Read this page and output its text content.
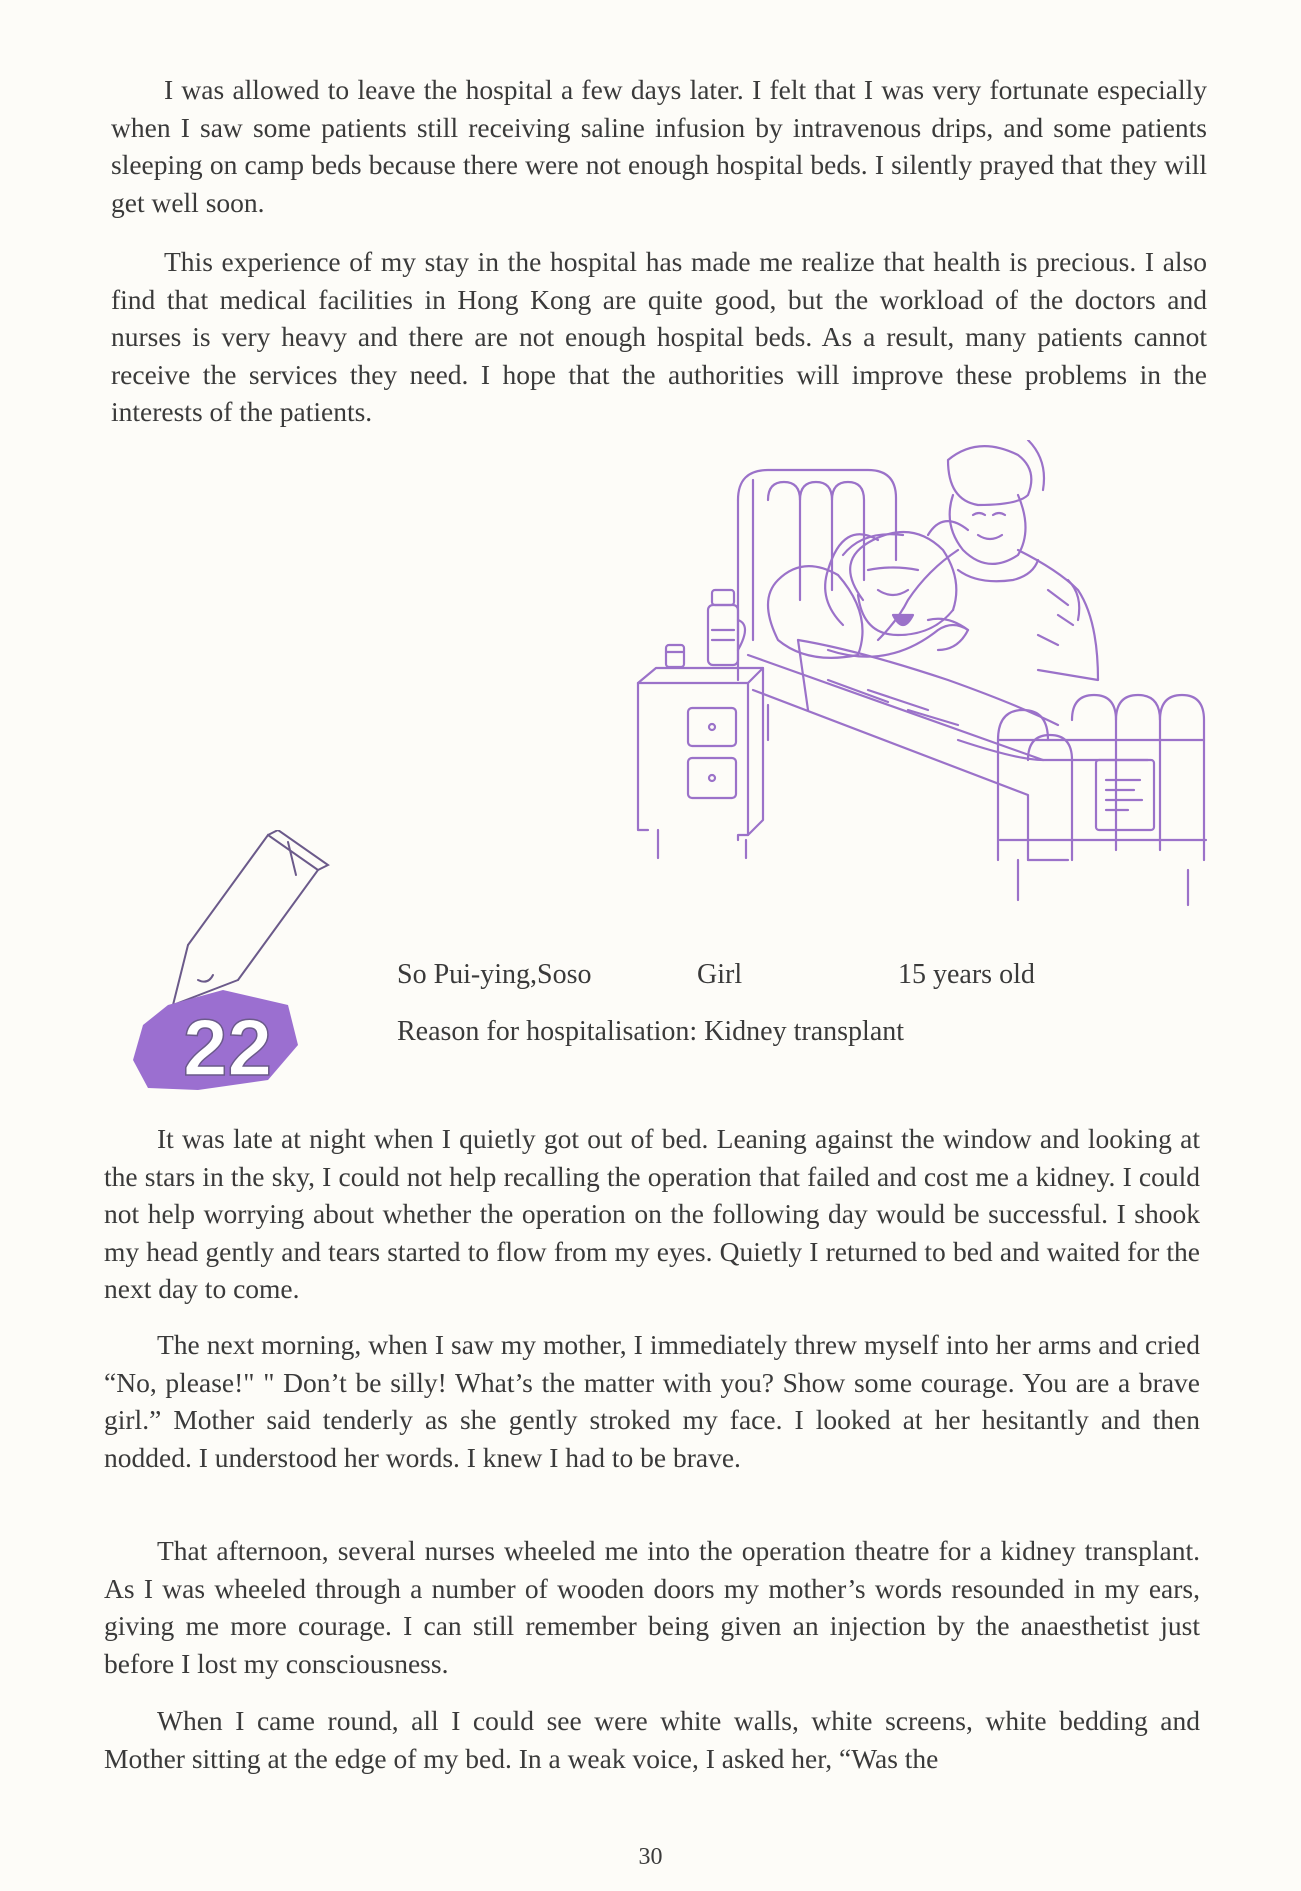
I was allowed to leave the hospital a few days later. I felt that I was very fortunate especially when I saw some patients still receiving saline infusion by intravenous drips, and some patients sleeping on camp beds because there were not enough hospital beds. I silently prayed that they will get well soon.

This experience of my stay in the hospital has made me realize that health is precious. I also find that medical facilities in Hong Kong are quite good, but the workload of the doctors and nurses is very heavy and there are not enough hospital beds. As a result, many patients cannot receive the services they need. I hope that the authorities will improve these problems in the interests of the patients.

22
So Pui-ying,Soso	Girl	15 years old
Reason for hospitalisation: Kidney transplant

It was late at night when I quietly got out of bed. Leaning against the window and looking at the stars in the sky, I could not help recalling the operation that failed and cost me a kidney. I could not help worrying about whether the operation on the following day would be successful. I shook my head gently and tears started to flow from my eyes. Quietly I returned to bed and waited for the next day to come.

The next morning, when I saw my mother, I immediately threw myself into her arms and cried “No, please!" " Don’t be silly! What’s the matter with you? Show some courage. You are a brave girl.” Mother said tenderly as she gently stroked my face. I looked at her hesitantly and then nodded. I understood her words. I knew I had to be brave.

That afternoon, several nurses wheeled me into the operation theatre for a kidney transplant. As I was wheeled through a number of wooden doors my mother’s words resounded in my ears, giving me more courage. I can still remember being given an injection by the anaesthetist just before I lost my consciousness.

When I came round, all I could see were white walls, white screens, white bedding and Mother sitting at the edge of my bed. In a weak voice, I asked her, “Was the

30
